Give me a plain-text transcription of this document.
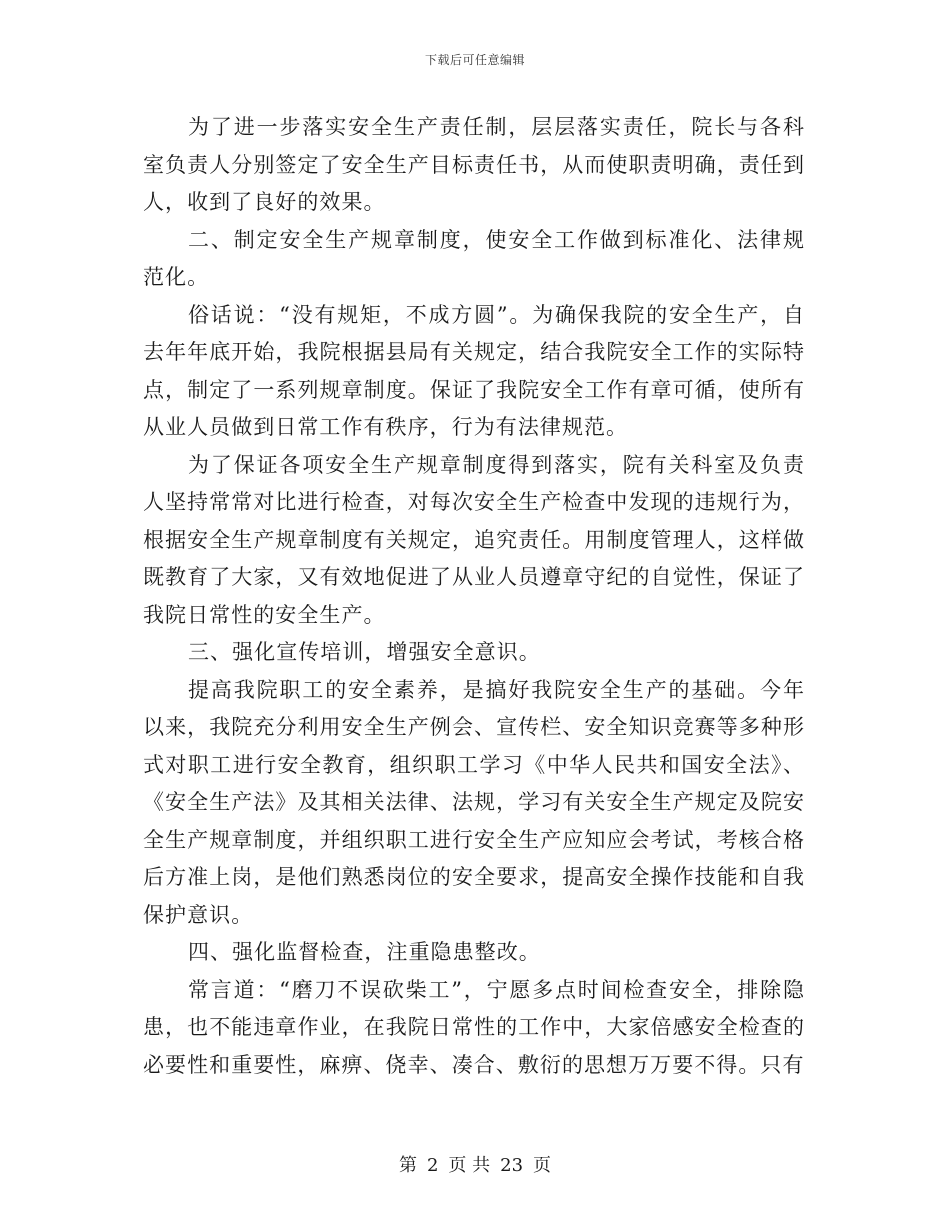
下载后可任意编辑

为了进一步落实安全生产责任制，层层落实责任，院长与各科室负责人分别签定了安全生产目标责任书，从而使职责明确，责任到人，收到了良好的效果。

二、制定安全生产规章制度，使安全工作做到标准化、法律规范化。

俗话说：“没有规矩，不成方圆”。为确保我院的安全生产，自去年年底开始，我院根据县局有关规定，结合我院安全工作的实际特点，制定了一系列规章制度。保证了我院安全工作有章可循，使所有从业人员做到日常工作有秩序，行为有法律规范。

为了保证各项安全生产规章制度得到落实，院有关科室及负责人坚持常常对比进行检查，对每次安全生产检查中发现的违规行为，根据安全生产规章制度有关规定，追究责任。用制度管理人，这样做既教育了大家，又有效地促进了从业人员遵章守纪的自觉性，保证了我院日常性的安全生产。

三、强化宣传培训，增强安全意识。

提高我院职工的安全素养，是搞好我院安全生产的基础。今年以来，我院充分利用安全生产例会、宣传栏、安全知识竞赛等多种形式对职工进行安全教育，组织职工学习《中华人民共和国安全法》、《安全生产法》及其相关法律、法规，学习有关安全生产规定及院安全生产规章制度，并组织职工进行安全生产应知应会考试，考核合格后方准上岗，是他们熟悉岗位的安全要求，提高安全操作技能和自我保护意识。

四、强化监督检查，注重隐患整改。

常言道：“磨刀不误砍柴工”，宁愿多点时间检查安全，排除隐患，也不能违章作业，在我院日常性的工作中，大家倍感安全检查的必要性和重要性，麻痹、侥幸、凑合、敷衍的思想万万要不得。只有

第 2 页 共 23 页
